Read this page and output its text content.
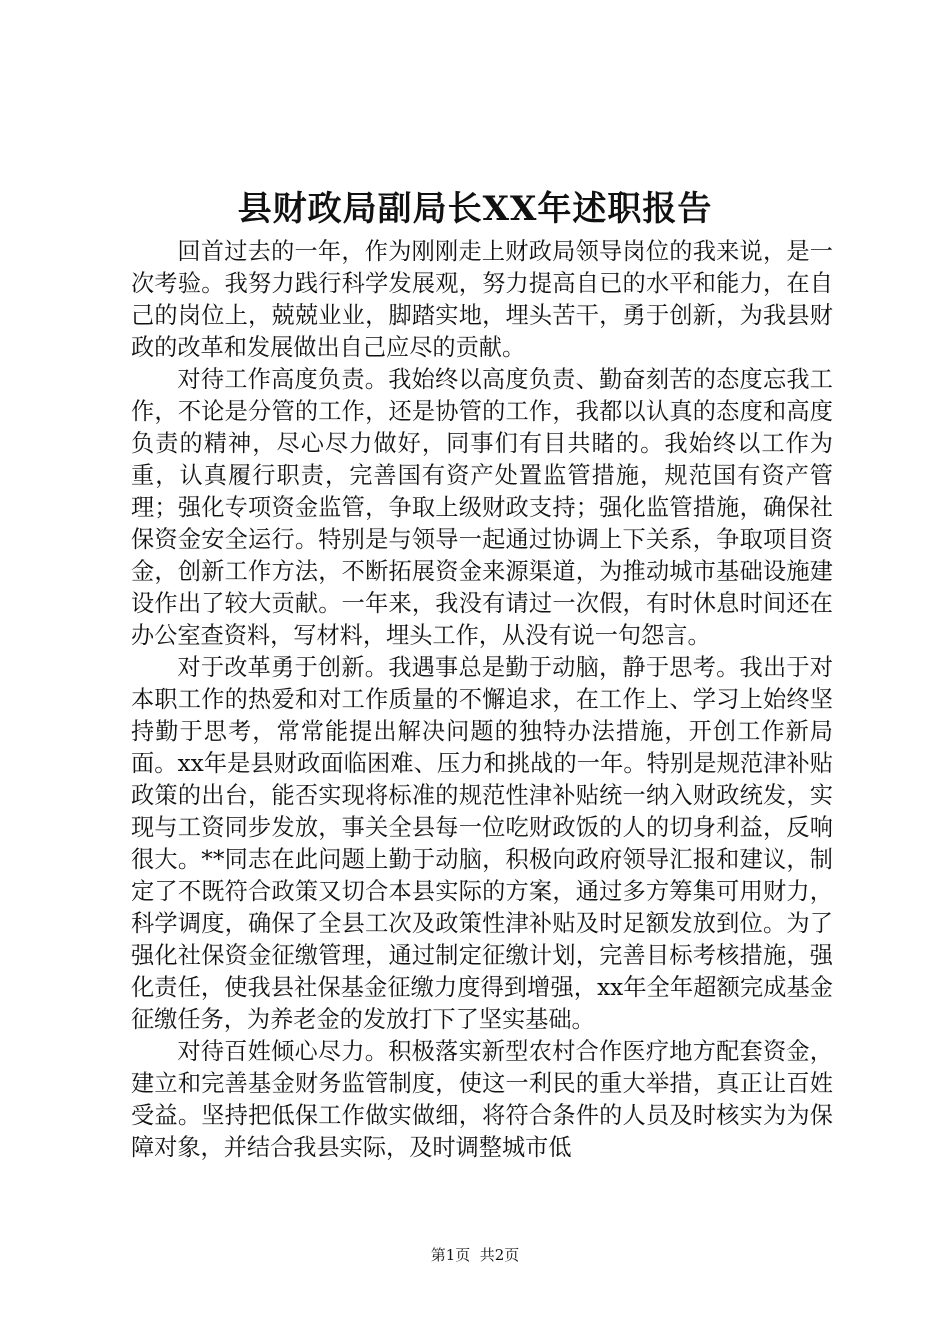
县财政局副局长XX年述职报告

回首过去的一年，作为刚刚走上财政局领导岗位的我来说，是一次考验。我努力践行科学发展观，努力提高自已的水平和能力，在自己的岗位上，兢兢业业，脚踏实地，埋头苦干，勇于创新，为我县财政的改革和发展做出自己应尽的贡献。

对待工作高度负责。我始终以高度负责、勤奋刻苦的态度忘我工作，不论是分管的工作，还是协管的工作，我都以认真的态度和高度负责的精神，尽心尽力做好，同事们有目共睹的。我始终以工作为重，认真履行职责，完善国有资产处置监管措施，规范国有资产管理；强化专项资金监管，争取上级财政支持；强化监管措施，确保社保资金安全运行。特别是与领导一起通过协调上下关系，争取项目资金，创新工作方法，不断拓展资金来源渠道，为推动城市基础设施建设作出了较大贡献。一年来，我没有请过一次假，有时休息时间还在办公室查资料，写材料，埋头工作，从没有说一句怨言。

对于改革勇于创新。我遇事总是勤于动脑，静于思考。我出于对本职工作的热爱和对工作质量的不懈追求，在工作上、学习上始终坚持勤于思考，常常能提出解决问题的独特办法措施，开创工作新局面。xx年是县财政面临困难、压力和挑战的一年。特别是规范津补贴政策的出台，能否实现将标准的规范性津补贴统一纳入财政统发，实现与工资同步发放，事关全县每一位吃财政饭的人的切身利益，反响很大。**同志在此问题上勤于动脑，积极向政府领导汇报和建议，制定了不既符合政策又切合本县实际的方案，通过多方筹集可用财力，科学调度，确保了全县工次及政策性津补贴及时足额发放到位。为了强化社保资金征缴管理，通过制定征缴计划，完善目标考核措施，强化责任，使我县社保基金征缴力度得到增强，xx年全年超额完成基金征缴任务，为养老金的发放打下了坚实基础。

对待百姓倾心尽力。积极落实新型农村合作医疗地方配套资金，建立和完善基金财务监管制度，使这一利民的重大举措，真正让百姓受益。坚持把低保工作做实做细，将符合条件的人员及时核实为为保障对象，并结合我县实际，及时调整城市低

第1页  共2页
